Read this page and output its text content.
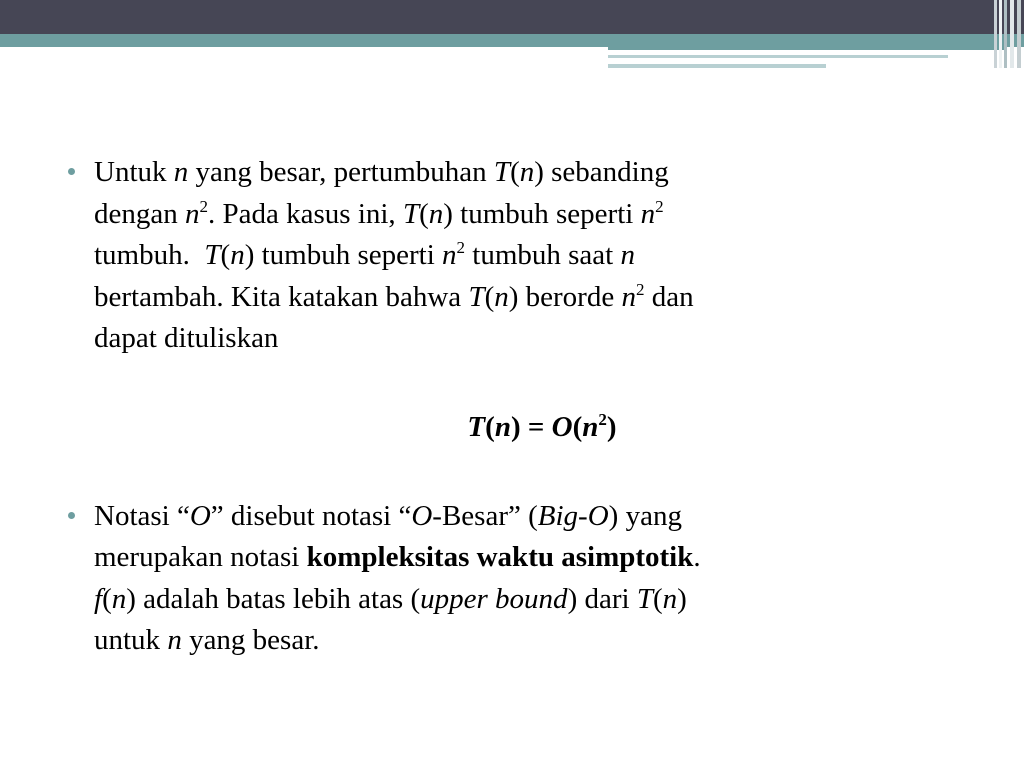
Untuk n yang besar, pertumbuhan T(n) sebanding
dengan $n^2$. Pada kasus ini, T(n) tumbuh seperti $n^2$
tumbuh.  T(n) tumbuh seperti $n^2$ tumbuh saat n
bertambah. Kita katakan bahwa T(n) berorde $n^2$ dan
dapat dituliskan

$T(n) = O(n^2)$

Notasi “O” disebut notasi “O-Besar” (Big-O) yang
merupakan notasi kompleksitas waktu asimptotik.
f(n) adalah batas lebih atas (upper bound) dari T(n)
untuk n yang besar.
